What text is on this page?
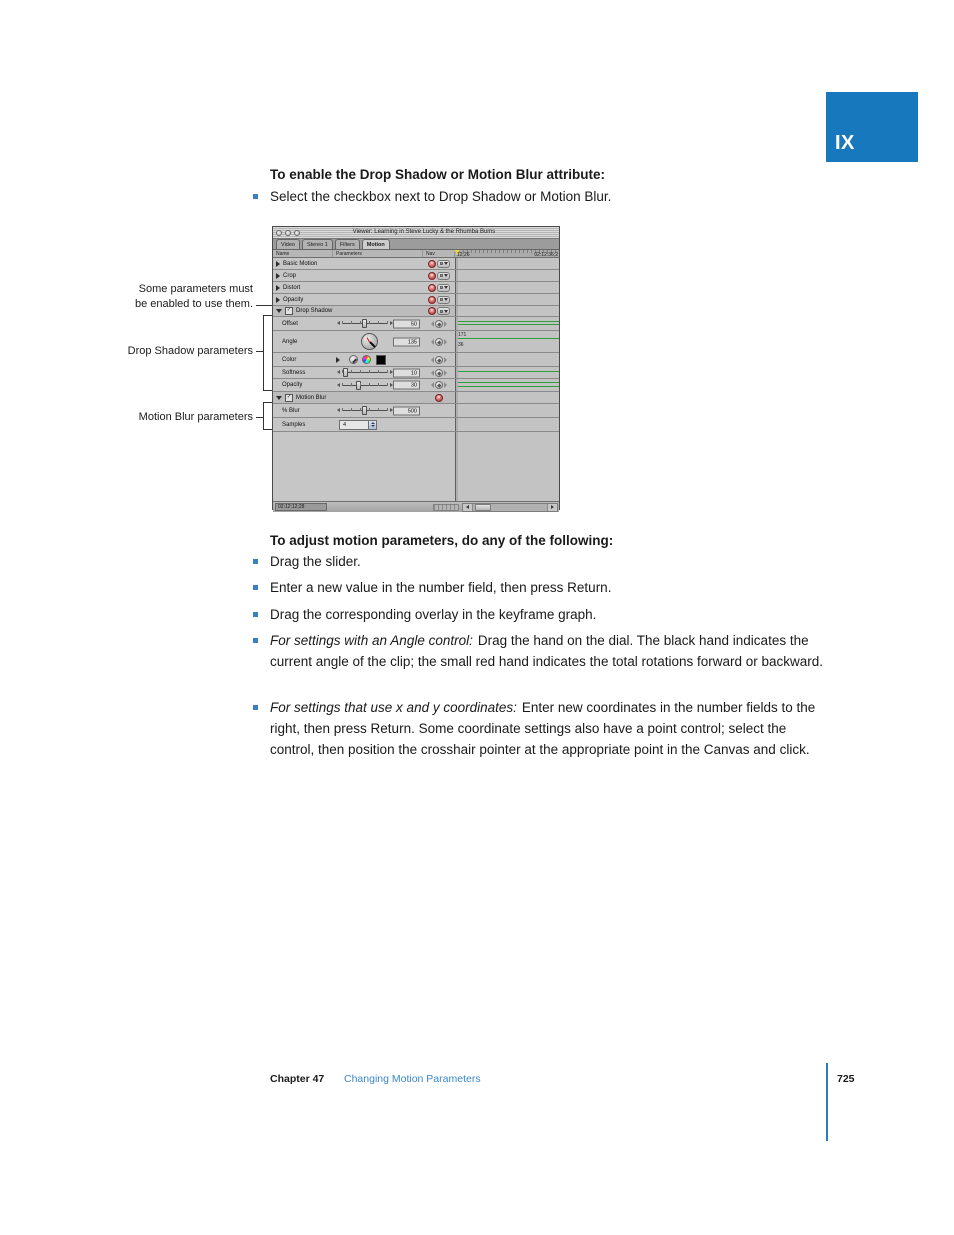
IX
To enable the Drop Shadow or Motion Blur attribute:
Select the checkbox next to Drop Shadow or Motion Blur.
Some parameters must
be enabled to use them.
Drop Shadow parameters
Motion Blur parameters
Viewer: Learning in Steve Lucky & the Rhumba Bums
Video	Stereo 1	Filters	Motion
Name	Parameters	Nav	12;26	02:12:36;2
Basic Motion	✕
Crop	✕
Distort	✕
Opacity	✕
✓ Drop Shadow	✕
Offset	50
Angle	135
171
36
Color
Softness	10
Opacity	30
✓ Motion Blur	✕
% Blur	500
Samples	4
02:12:12;28
To adjust motion parameters, do any of the following:
Drag the slider.
Enter a new value in the number field, then press Return.
Drag the corresponding overlay in the keyframe graph.
For settings with an Angle control: Drag the hand on the dial. The black hand indicates the current angle of the clip; the small red hand indicates the total rotations forward or backward.
For settings that use x and y coordinates: Enter new coordinates in the number fields to the right, then press Return. Some coordinate settings also have a point control; select the control, then position the crosshair pointer at the appropriate point in the Canvas and click.
Chapter 47 Changing Motion Parameters	725
